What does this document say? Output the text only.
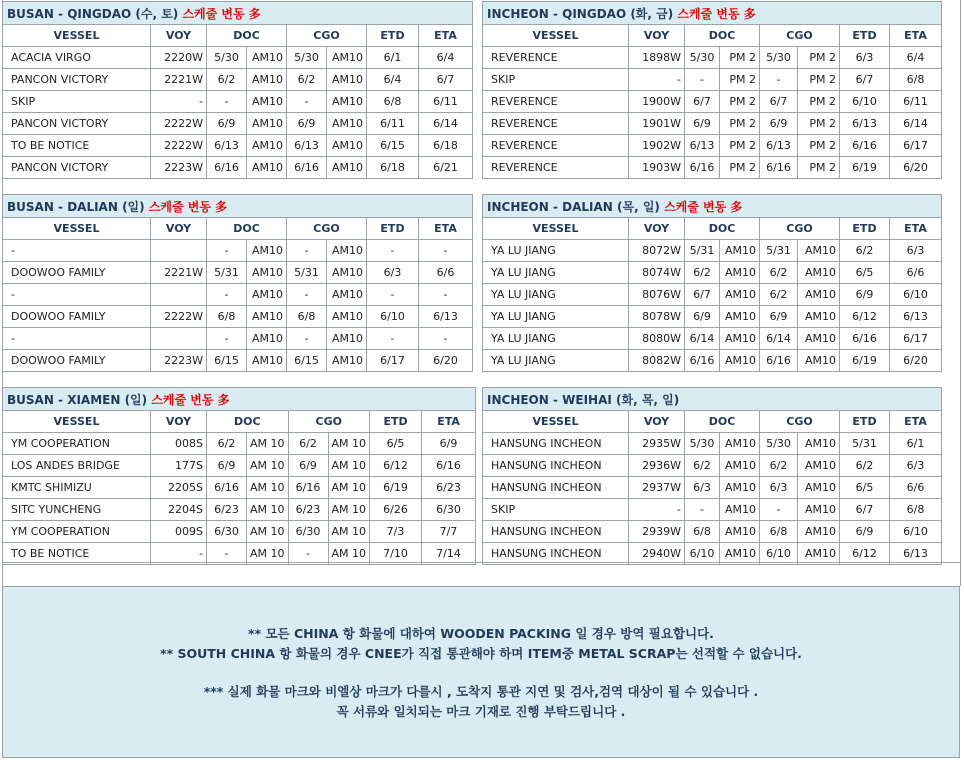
BUSAN - QINGDAO (수, 토) 스케줄 변동 多							
VESSEL	VOY	DOC		CGO		ETD	ETA
ACACIA VIRGO	2220W	5/30	AM10	5/30	AM10	6/1	6/4
PANCON VICTORY	2221W	6/2	AM10	6/2	AM10	6/4	6/7
SKIP	-	-	AM10	-	AM10	6/8	6/11
PANCON VICTORY	2222W	6/9	AM10	6/9	AM10	6/11	6/14
TO BE NOTICE	2222W	6/13	AM10	6/13	AM10	6/15	6/18
PANCON VICTORY	2223W	6/16	AM10	6/16	AM10	6/18	6/21
INCHEON - QINGDAO (화, 금) 스케줄 변동 多							
VESSEL	VOY	DOC		CGO		ETD	ETA
REVERENCE	1898W	5/30	PM 2	5/30	PM 2	6/3	6/4
SKIP	-	-	PM 2	-	PM 2	6/7	6/8
REVERENCE	1900W	6/7	PM 2	6/7	PM 2	6/10	6/11
REVERENCE	1901W	6/9	PM 2	6/9	PM 2	6/13	6/14
REVERENCE	1902W	6/13	PM 2	6/13	PM 2	6/16	6/17
REVERENCE	1903W	6/16	PM 2	6/16	PM 2	6/19	6/20
BUSAN - DALIAN (일) 스케줄 변동 多							
VESSEL	VOY	DOC		CGO		ETD	ETA
-		-	AM10	-	AM10	-	-
DOOWOO FAMILY	2221W	5/31	AM10	5/31	AM10	6/3	6/6
-		-	AM10	-	AM10	-	-
DOOWOO FAMILY	2222W	6/8	AM10	6/8	AM10	6/10	6/13
-		-	AM10	-	AM10	-	-
DOOWOO FAMILY	2223W	6/15	AM10	6/15	AM10	6/17	6/20
INCHEON - DALIAN (목, 일) 스케줄 변동 多							
VESSEL	VOY	DOC		CGO		ETD	ETA
YA LU JIANG	8072W	5/31	AM10	5/31	AM10	6/2	6/3
YA LU JIANG	8074W	6/2	AM10	6/2	AM10	6/5	6/6
YA LU JIANG	8076W	6/7	AM10	6/2	AM10	6/9	6/10
YA LU JIANG	8078W	6/9	AM10	6/9	AM10	6/12	6/13
YA LU JIANG	8080W	6/14	AM10	6/14	AM10	6/16	6/17
YA LU JIANG	8082W	6/16	AM10	6/16	AM10	6/19	6/20
BUSAN - XIAMEN (일) 스케줄 변동 多							
VESSEL	VOY	DOC		CGO		ETD	ETA
YM COOPERATION	008S	6/2	AM 10	6/2	AM 10	6/5	6/9
LOS ANDES BRIDGE	177S	6/9	AM 10	6/9	AM 10	6/12	6/16
KMTC SHIMIZU	2205S	6/16	AM 10	6/16	AM 10	6/19	6/23
SITC YUNCHENG	2204S	6/23	AM 10	6/23	AM 10	6/26	6/30
YM COOPERATION	009S	6/30	AM 10	6/30	AM 10	7/3	7/7
TO BE NOTICE	-	-	AM 10	-	AM 10	7/10	7/14
INCHEON - WEIHAI (화, 목, 일)							
VESSEL	VOY	DOC		CGO		ETD	ETA
HANSUNG INCHEON	2935W	5/30	AM10	5/30	AM10	5/31	6/1
HANSUNG INCHEON	2936W	6/2	AM10	6/2	AM10	6/2	6/3
HANSUNG INCHEON	2937W	6/3	AM10	6/3	AM10	6/5	6/6
SKIP	-	-	AM10	-	AM10	6/7	6/8
HANSUNG INCHEON	2939W	6/8	AM10	6/8	AM10	6/9	6/10
HANSUNG INCHEON	2940W	6/10	AM10	6/10	AM10	6/12	6/13

** 모든 CHINA 항 화물에 대하여 WOODEN PACKING 일 경우 방역 필요합니다.

** SOUTH CHINA 항 화물의 경우 CNEE가 직접 통관해야 하며 ITEM중 METAL SCRAP는 선적할 수 없습니다.

*** 실제 화물 마크와 비엘상 마크가 다를시 , 도착지 통관 지연 및 검사,검역 대상이 될 수 있습니다 .

꼭 서류와 일치되는 마크 기재로 진행 부탁드립니다 .
